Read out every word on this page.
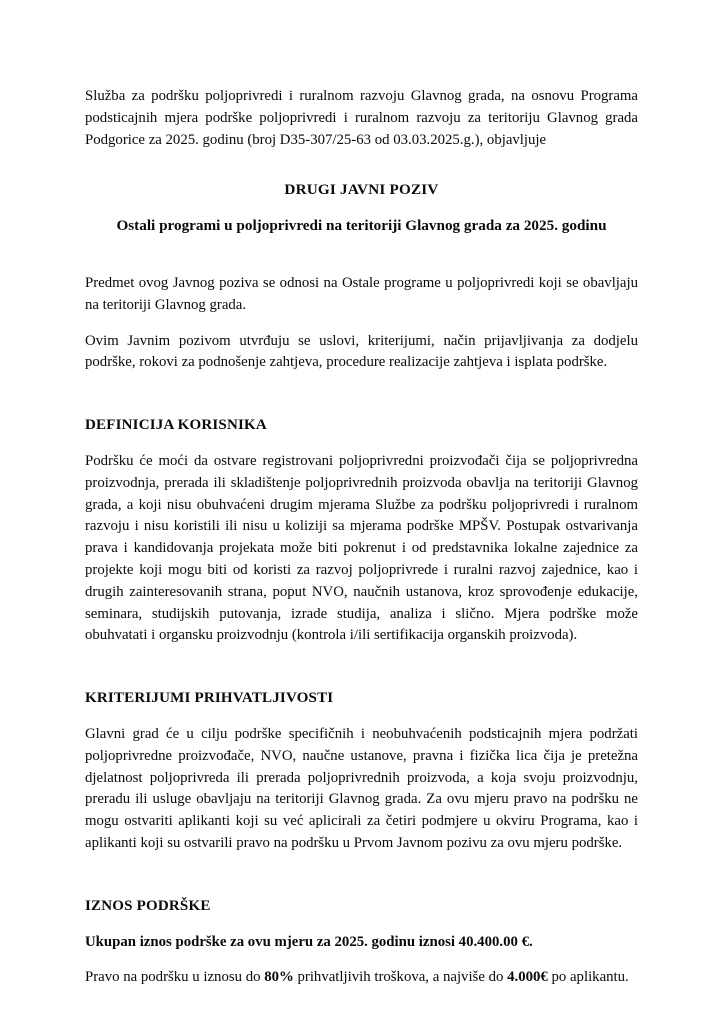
Služba za podršku poljoprivredi i ruralnom razvoju Glavnog grada, na osnovu Programa podsticajnih mjera podrške poljoprivredi i ruralnom razvoju za teritoriju Glavnog grada Podgorice za 2025. godinu (broj D35-307/25-63 od 03.03.2025.g.), objavljuje

DRUGI JAVNI POZIV
Ostali programi u poljoprivredi na teritoriji Glavnog grada za 2025. godinu

Predmet ovog Javnog poziva se odnosi na Ostale programe u poljoprivredi koji se obavljaju na teritoriji Glavnog grada.

Ovim Javnim pozivom utvrđuju se uslovi, kriterijumi, način prijavljivanja za dodjelu podrške, rokovi za podnošenje zahtjeva, procedure realizacije zahtjeva i isplata podrške.

DEFINICIJA KORISNIKA

Podršku će moći da ostvare registrovani poljoprivredni proizvođači čija se poljoprivredna proizvodnja, prerada ili skladištenje poljoprivrednih proizvoda obavlja na teritoriji Glavnog grada, a koji nisu obuhvaćeni drugim mjerama Službe za podršku poljoprivredi i ruralnom razvoju i nisu koristili ili nisu u koliziji sa mjerama podrške MPŠV. Postupak ostvarivanja prava i kandidovanja projekata može biti pokrenut i od predstavnika lokalne zajednice za projekte koji mogu biti od koristi za razvoj poljoprivrede i ruralni razvoj zajednice, kao i drugih zainteresovanih strana, poput NVO, naučnih ustanova, kroz sprovođenje edukacije, seminara, studijskih putovanja, izrade studija, analiza i slično. Mjera podrške može obuhvatati i organsku proizvodnju (kontrola i/ili sertifikacija organskih proizvoda).

KRITERIJUMI PRIHVATLJIVOSTI

Glavni grad će u cilju podrške specifičnih i neobuhvaćenih podsticajnih mjera podržati poljoprivredne proizvođače, NVO, naučne ustanove, pravna i fizička lica čija je pretežna djelatnost poljoprivreda ili prerada poljoprivrednih proizvoda, a koja svoju proizvodnju, preradu ili usluge obavljaju na teritoriji Glavnog grada. Za ovu mjeru pravo na podršku ne mogu ostvariti aplikanti koji su već aplicirali za četiri podmjere u okviru Programa, kao i aplikanti koji su ostvarili pravo na podršku u Prvom Javnom pozivu za ovu mjeru podrške.

IZNOS PODRŠKE

Ukupan iznos podrške za ovu mjeru za 2025. godinu iznosi 40.400.00 €.

Pravo na podršku u iznosu do 80% prihvatljivih troškova, a najviše do 4.000€ po aplikantu.
